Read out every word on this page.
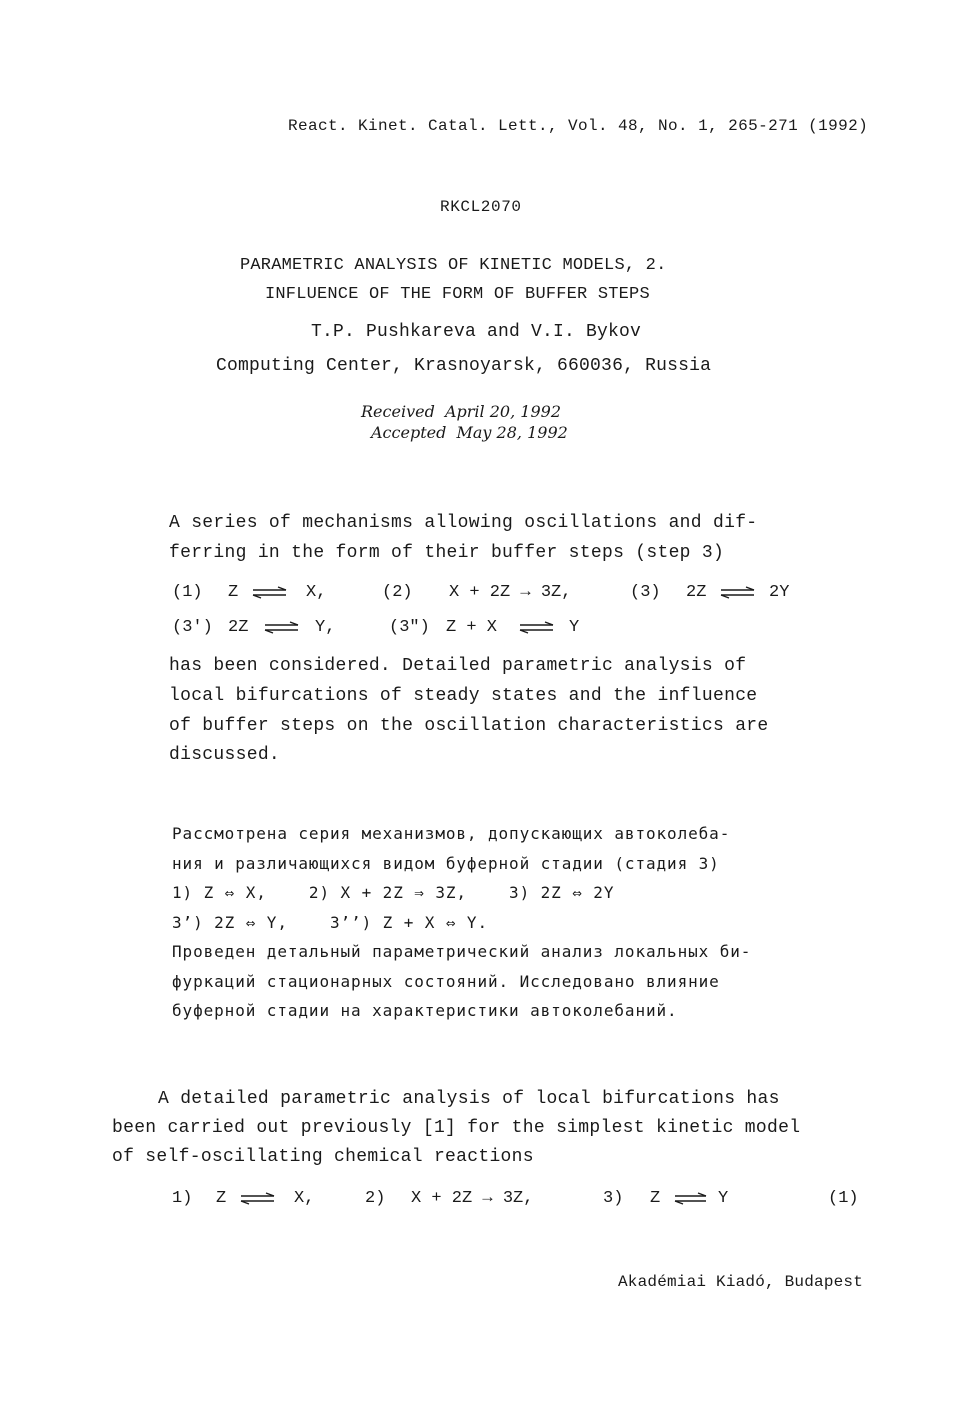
React. Kinet. Catal. Lett., Vol. 48, No. 1, 265-271 (1992)
RKCL2070
PARAMETRIC ANALYSIS OF KINETIC MODELS, 2.
INFLUENCE OF THE FORM OF BUFFER STEPS
T.P. Pushkareva and V.I. Bykov
Computing Center, Krasnoyarsk, 660036, Russia
Received  April 20, 1992
Accepted  May 28, 1992
A series of mechanisms allowing oscillations and dif-
ferring in the form of their buffer steps (step 3)
(1) Z ⇌ X,	(2) X + 2Z → 3Z,	(3) 2Z ⇌ 2Y
(3') 2Z ⇌ Y,	(3") Z + X ⇌ Y
has been considered. Detailed parametric analysis of
local bifurcations of steady states and the influence
of buffer steps on the oscillation characteristics are
discussed.
Рассмотрена серия механизмов, допускающих автоколеба-
ния и различающихся видом буферной стадии (стадия 3)
1) Z ⇔ X,    2) X + 2Z ⇒ 3Z,    3) 2Z ⇔ 2Y
3’) 2Z ⇔ Y,    3’’) Z + X ⇔ Y.
Проведен детальный параметрический анализ локальных би-
фуркаций стационарных состояний. Исследовано влияние
буферной стадии на характеристики автоколебаний.
A detailed parametric analysis of local bifurcations has
been carried out previously [1] for the simplest kinetic model
of self-oscillating chemical reactions
1) Z ⇌ X,	2) X + 2Z → 3Z,	3) Z ⇌ Y	(1)
Akadémiai Kiadó, Budapest
